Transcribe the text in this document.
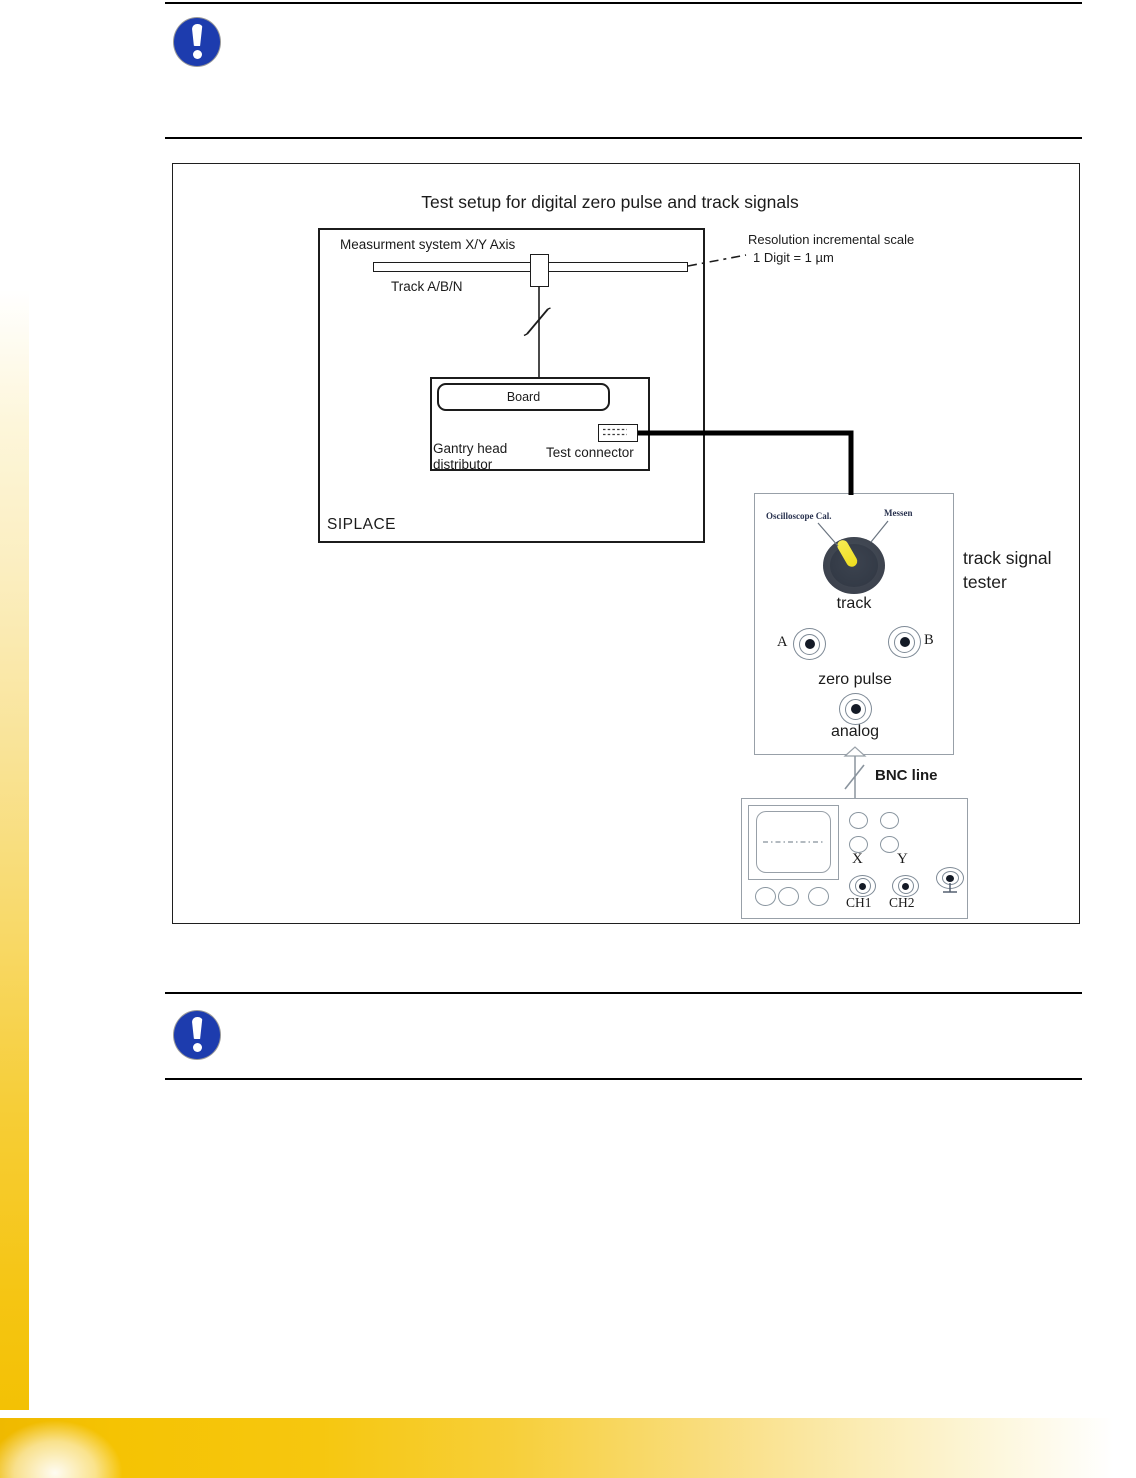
Test setup for digital zero pulse and track signals
Measurment system X/Y Axis
Track A/B/N
Resolution incremental scale
1 Digit = 1 µm
Board
Gantry head
distributor
Test connector
SIPLACE	Oscilloscope Cal.	Messen
track
A	B
zero pulse
analog
track signal
tester
BNC line
X Y
CH1 CH2
